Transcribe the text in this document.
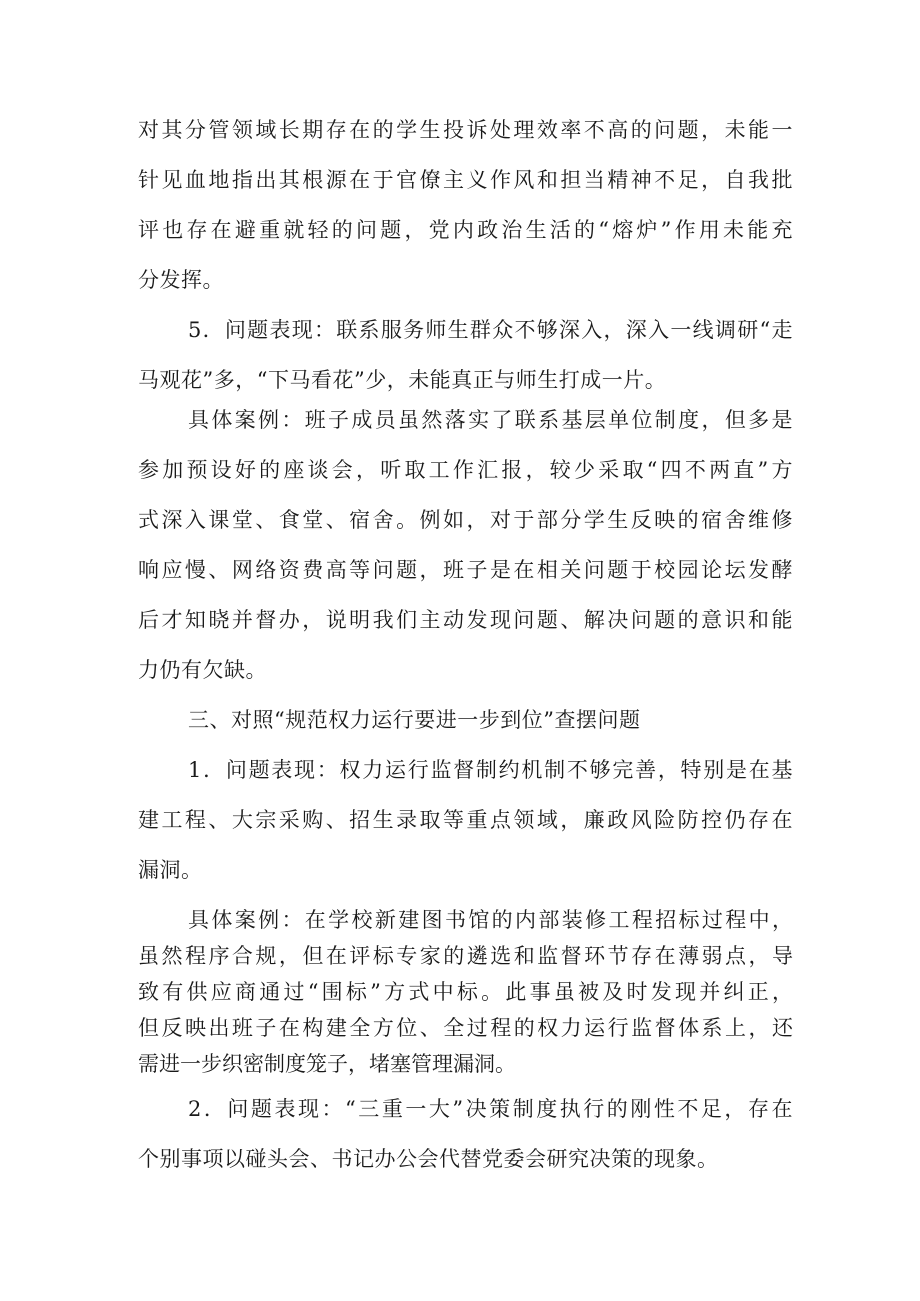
对其分管领域长期存在的学生投诉处理效率不高的问题，未能一
针见血地指出其根源在于官僚主义作风和担当精神不足，自我批
评也存在避重就轻的问题，党内政治生活的“熔炉”作用未能充
分发挥。
5．问题表现：联系服务师生群众不够深入，深入一线调研“走
马观花”多，“下马看花”少，未能真正与师生打成一片。
具体案例：班子成员虽然落实了联系基层单位制度，但多是
参加预设好的座谈会，听取工作汇报，较少采取“四不两直”方
式深入课堂、食堂、宿舍。例如，对于部分学生反映的宿舍维修
响应慢、网络资费高等问题，班子是在相关问题于校园论坛发酵
后才知晓并督办，说明我们主动发现问题、解决问题的意识和能
力仍有欠缺。
三、对照“规范权力运行要进一步到位”查摆问题
1．问题表现：权力运行监督制约机制不够完善，特别是在基
建工程、大宗采购、招生录取等重点领域，廉政风险防控仍存在
漏洞。
具体案例：在学校新建图书馆的内部装修工程招标过程中，
虽然程序合规，但在评标专家的遴选和监督环节存在薄弱点，导
致有供应商通过“围标”方式中标。此事虽被及时发现并纠正，
但反映出班子在构建全方位、全过程的权力运行监督体系上，还
需进一步织密制度笼子，堵塞管理漏洞。
2．问题表现：“三重一大”决策制度执行的刚性不足，存在
个别事项以碰头会、书记办公会代替党委会研究决策的现象。
